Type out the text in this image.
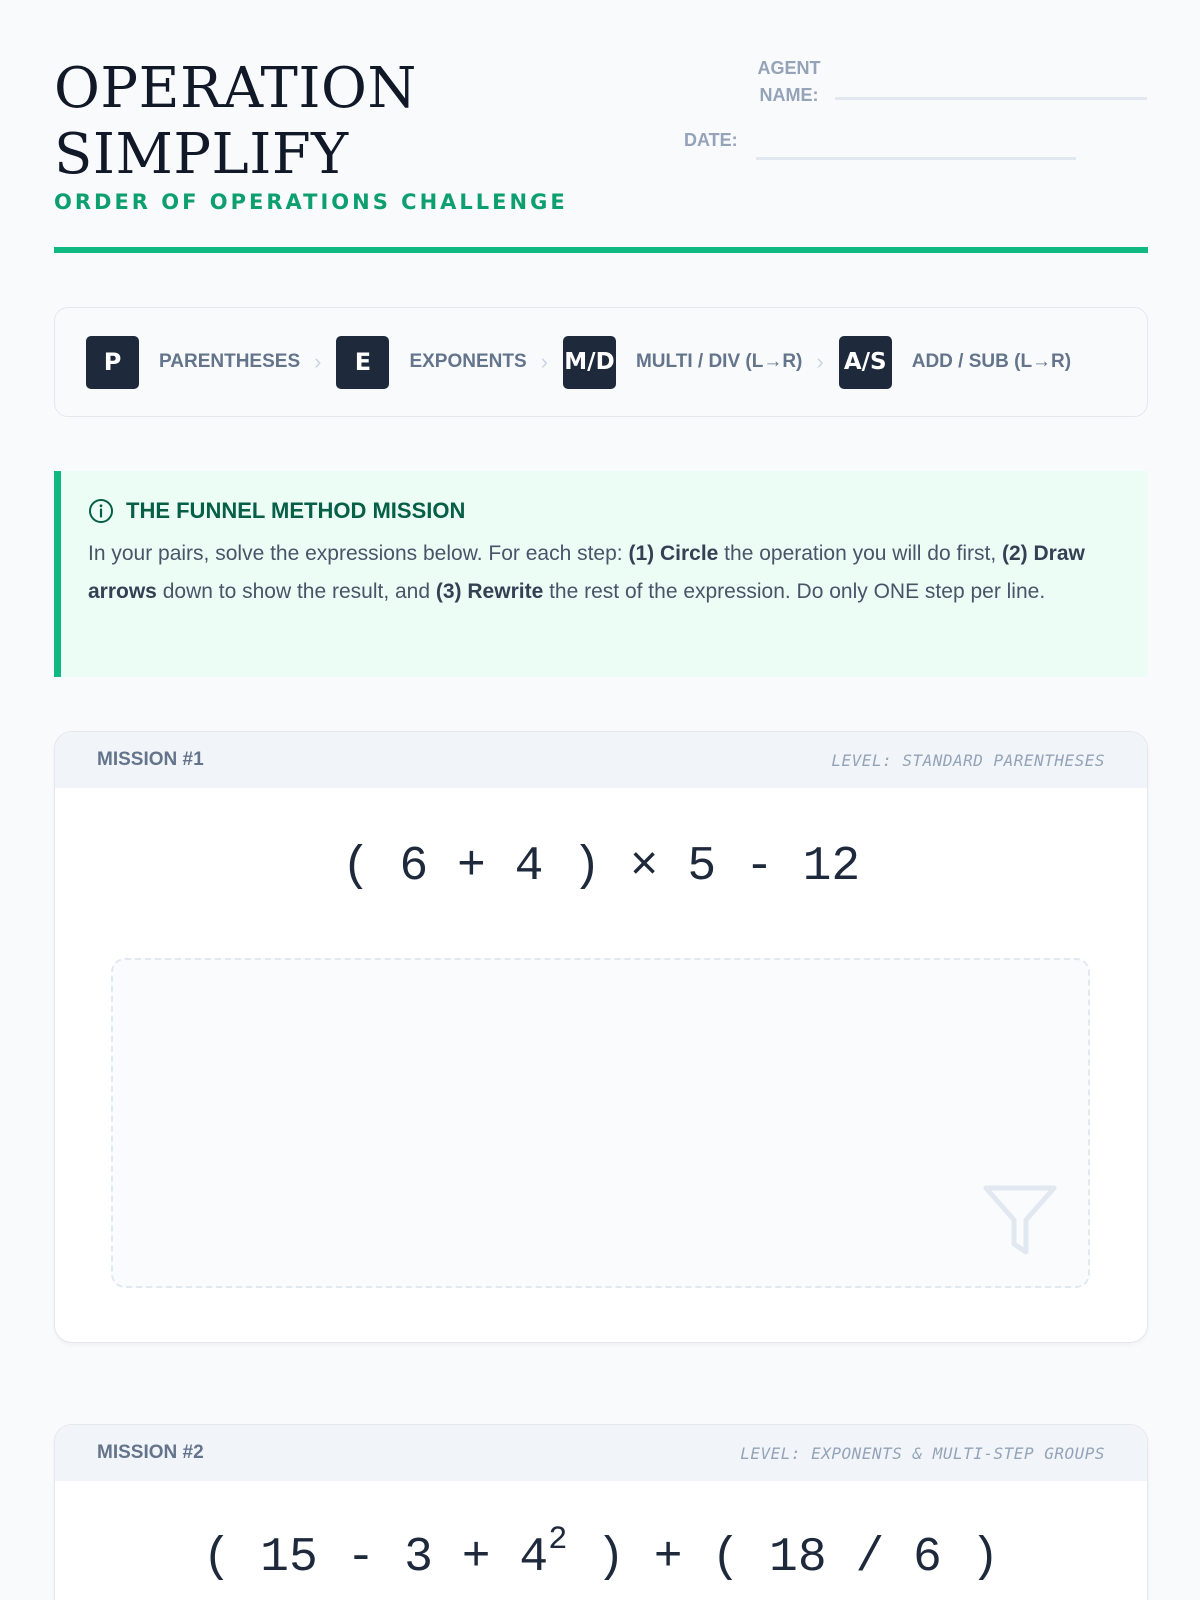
OPERATION
SIMPLIFY
ORDER OF OPERATIONS CHALLENGE
AGENT
NAME:
DATE:
P	PARENTHESES ›	E	EXPONENTS › M/D MULTI / DIV (L→R) › A/S ADD / SUB (L→R)
THE FUNNEL METHOD MISSION
In your pairs, solve the expressions below. For each step: (1) Circle the operation you will do first, (2) Draw arrows down to show the result, and (3) Rewrite the rest of the expression. Do only ONE step per line.
MISSION #1	LEVEL: STANDARD PARENTHESES
( 6 + 4 ) × 5 - 12
MISSION #2	LEVEL: EXPONENTS & MULTI-STEP GROUPS
( $15 - 3 + 4^2$ ) + ( 18 / 6 )
